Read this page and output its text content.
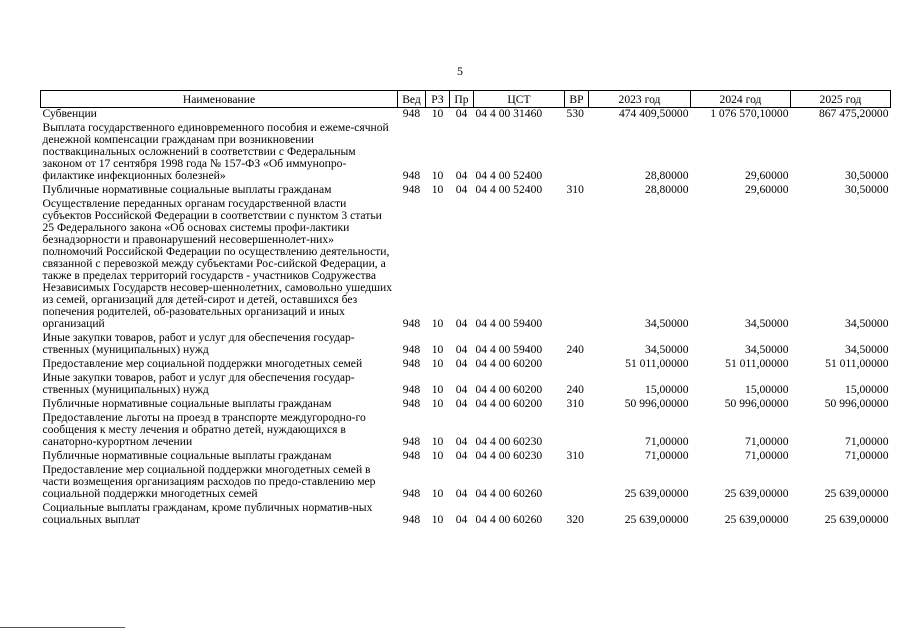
5
Наименование	Вед	РЗ	Пр	ЦСТ	ВР	2023 год	2024 год	2025 год
Субвенции	948	10	04	04 4 00 31460	530	474 409,50000	1 076 570,10000	867 475,20000
Выплата государственного единовременного пособия и ежеме-сячной денежной компенсации гражданам при возникновении поствакцинальных осложнений в соответствии с Федеральным законом от 17 сентября 1998 года № 157-ФЗ «Об иммунопро-филактике инфекционных болезней»	948	10	04	04 4 00 52400		28,80000	29,60000	30,50000
Публичные нормативные социальные выплаты гражданам	948	10	04	04 4 00 52400	310	28,80000	29,60000	30,50000
Осуществление переданных органам государственной власти субъектов Российской Федерации в соответствии с пунктом 3 статьи 25 Федерального закона «Об основах системы профи-лактики безнадзорности и правонарушений несовершеннолет-них» полномочий Российской Федерации по осуществлению деятельности, связанной с перевозкой между субъектами Рос-сийской Федерации, а также в пределах территорий государств - участников Содружества Независимых Государств несовер-шеннолетних, самовольно ушедших из семей, организаций для детей-сирот и детей, оставшихся без попечения родителей, об-разовательных организаций и иных организаций	948	10	04	04 4 00 59400		34,50000	34,50000	34,50000
Иные закупки товаров, работ и услуг для обеспечения государ-ственных (муниципальных) нужд	948	10	04	04 4 00 59400	240	34,50000	34,50000	34,50000
Предоставление мер социальной поддержки многодетных семей	948	10	04	04 4 00 60200		51 011,00000	51 011,00000	51 011,00000
Иные закупки товаров, работ и услуг для обеспечения государ-ственных (муниципальных) нужд	948	10	04	04 4 00 60200	240	15,00000	15,00000	15,00000
Публичные нормативные социальные выплаты гражданам	948	10	04	04 4 00 60200	310	50 996,00000	50 996,00000	50 996,00000
Предоставление льготы на проезд в транспорте междугородно-го сообщения к месту лечения и обратно детей, нуждающихся в санаторно-курортном лечении	948	10	04	04 4 00 60230		71,00000	71,00000	71,00000
Публичные нормативные социальные выплаты гражданам	948	10	04	04 4 00 60230	310	71,00000	71,00000	71,00000
Предоставление мер социальной поддержки многодетных семей в части возмещения организациям расходов по предо-ставлению мер социальной поддержки многодетных семей	948	10	04	04 4 00 60260		25 639,00000	25 639,00000	25 639,00000
Социальные выплаты гражданам, кроме публичных норматив-ных социальных выплат	948	10	04	04 4 00 60260	320	25 639,00000	25 639,00000	25 639,00000
